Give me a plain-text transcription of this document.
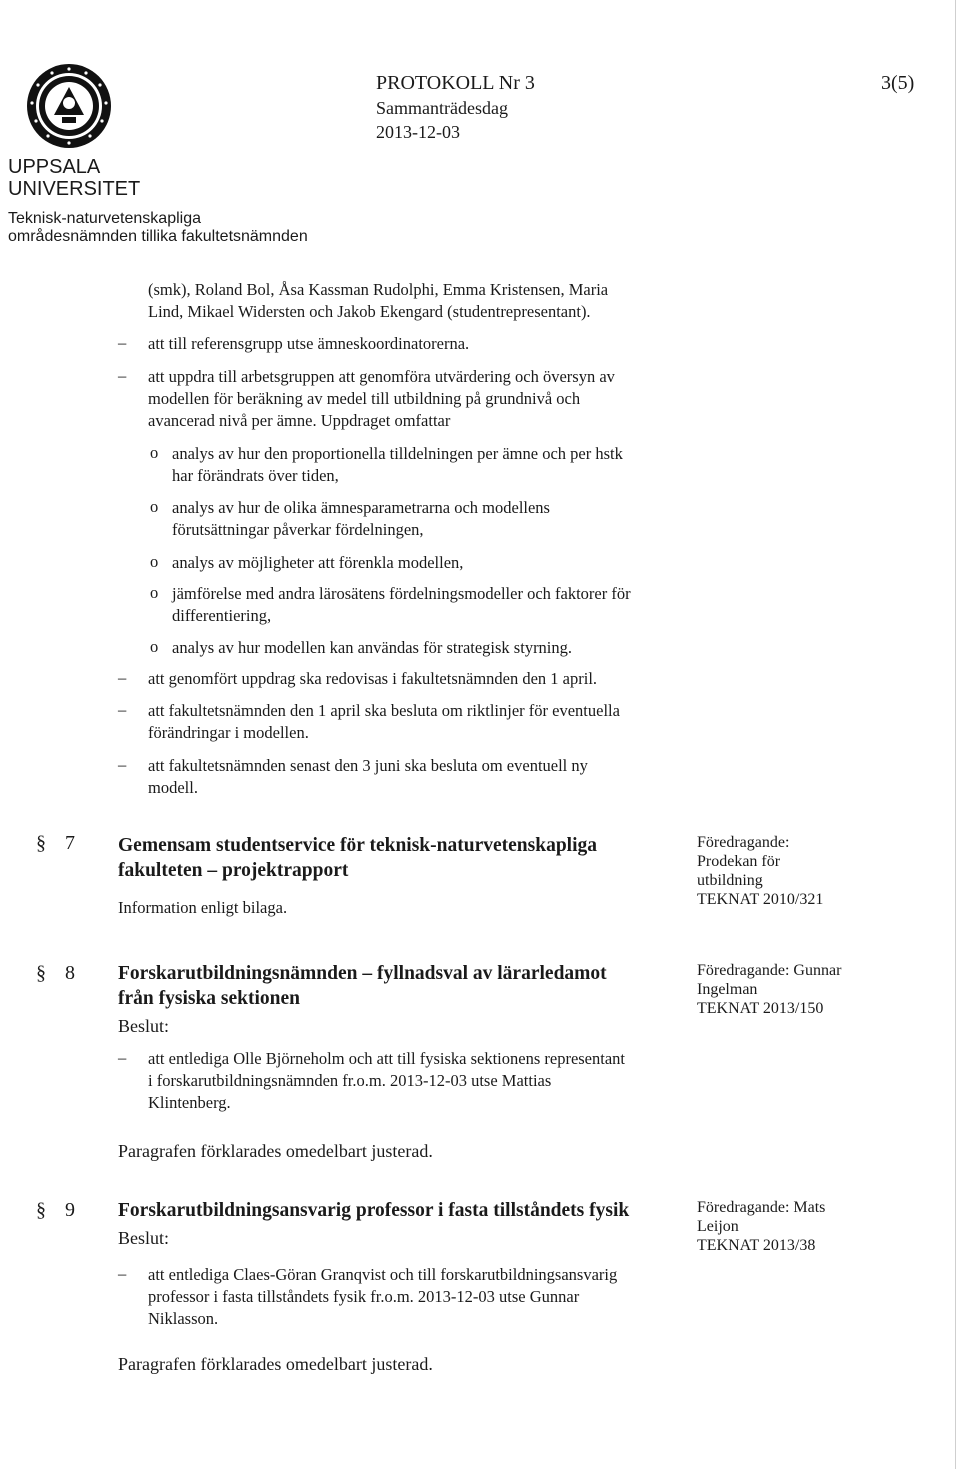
UPPSALA
UNIVERSITET
Teknisk-naturvetenskapliga
områdesnämnden tillika fakultetsnämnden
PROTOKOLL Nr 3
Sammanträdesdag
2013-12-03
3(5)
(smk), Roland Bol, Åsa Kassman Rudolphi, Emma Kristensen, Maria
Lind, Mikael Widersten och Jakob Ekengard (studentrepresentant).
– att till referensgrupp utse ämneskoordinatorerna.
– att uppdra till arbetsgruppen att genomföra utvärdering och översyn av
modellen för beräkning av medel till utbildning på grundnivå och
avancerad nivå per ämne. Uppdraget omfattar
o analys av hur den proportionella tilldelningen per ämne och per hstk
har förändrats över tiden,
o analys av hur de olika ämnesparametrarna och modellens
förutsättningar påverkar fördelningen,
o analys av möjligheter att förenkla modellen,
o jämförelse med andra lärosätens fördelningsmodeller och faktorer för
differentiering,
o analys av hur modellen kan användas för strategisk styrning.
– att genomfört uppdrag ska redovisas i fakultetsnämnden den 1 april.
– att fakultetsnämnden den 1 april ska besluta om riktlinjer för eventuella
förändringar i modellen.
– att fakultetsnämnden senast den 3 juni ska besluta om eventuell ny
modell.
§ 7 Gemensam studentservice för teknisk-naturvetenskapliga
fakulteten – projektrapport
Information enligt bilaga.
Föredragande:
Prodekan för
utbildning
TEKNAT 2010/321
§ 8 Forskarutbildningsnämnden – fyllnadsval av lärarledamot
från fysiska sektionen
Beslut:
– att entlediga Olle Björneholm och att till fysiska sektionens representant
i forskarutbildningsnämnden fr.o.m. 2013-12-03 utse Mattias
Klintenberg.
Paragrafen förklarades omedelbart justerad.
Föredragande: Gunnar
Ingelman
TEKNAT 2013/150
§ 9 Forskarutbildningsansvarig professor i fasta tillståndets fysik
Beslut:
– att entlediga Claes-Göran Granqvist och till forskarutbildningsansvarig
professor i fasta tillståndets fysik fr.o.m. 2013-12-03 utse Gunnar
Niklasson.
Paragrafen förklarades omedelbart justerad.
Föredragande: Mats
Leijon
TEKNAT 2013/38
